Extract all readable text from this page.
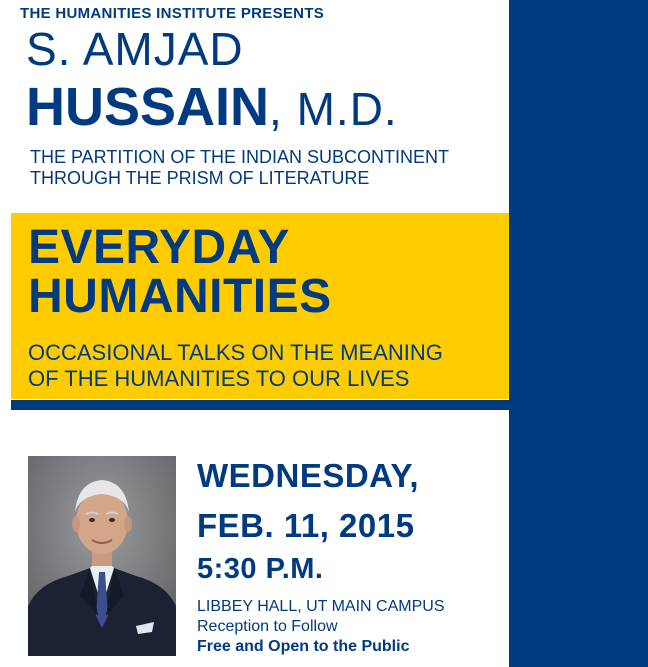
THE HUMANITIES INSTITUTE PRESENTS
S. AMJAD
HUSSAIN, M.D.
THE PARTITION OF THE INDIAN SUBCONTINENT
THROUGH THE PRISM OF LITERATURE
EVERYDAY
HUMANITIES
OCCASIONAL TALKS ON THE MEANING
OF THE HUMANITIES TO OUR LIVES
WEDNESDAY,
FEB. 11, 2015
5:30 P.M.
LIBBEY HALL, UT MAIN CAMPUS
Reception to Follow
Free and Open to the Public
